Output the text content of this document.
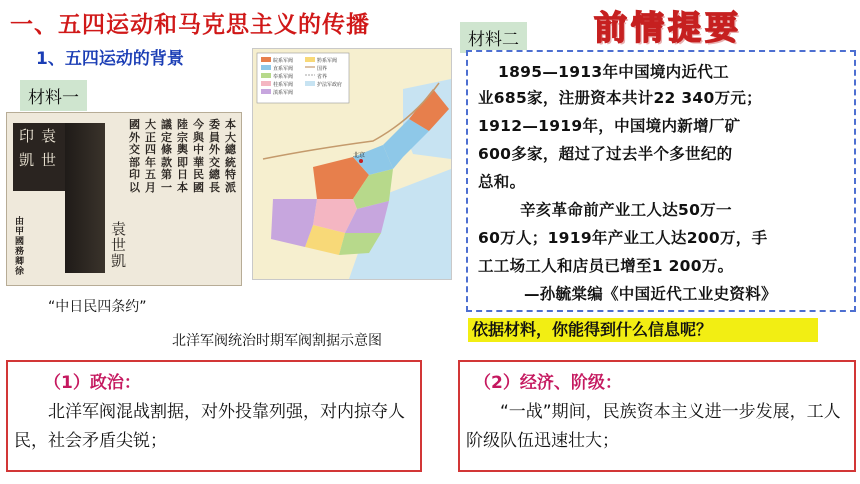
一、五四运动和马克思主义的传播
1、五四运动的背景
前情提要
材料一
材料二
印 袁
凱 世
本大總統特派
委員外交總長
今與中華民國
陸宗輿即日本
議定條款第一
大正四年五月
國外交部印以
袁世凱
由甲國務卿徐
“中日民四条约”
皖系军阀
直系军阀
奉系军阀
桂系军阀
滇系军阀
黔系军阀
国界
省界
护法军政府
北京
北洋军阀统治时期军阀割据示意图
1895—1913年中国境内近代工
业685家，注册资本共计22 340万元；
1912—1919年，中国境内新增厂矿
600多家，超过了过去半个多世纪的
总和。
辛亥革命前产业工人达50万一
60万人；1919年产业工人达200万，手
工工场工人和店员已增至1 200万。
—孙毓棠编《中国近代工业史资料》
依据材料，你能得到什么信息呢？
（1）政治：
北洋军阀混战割据，对外投靠列强，对内掠夺人民，社会矛盾尖锐；
（2）经济、阶级：
“一战”期间，民族资本主义进一步发展，工人阶级队伍迅速壮大；
